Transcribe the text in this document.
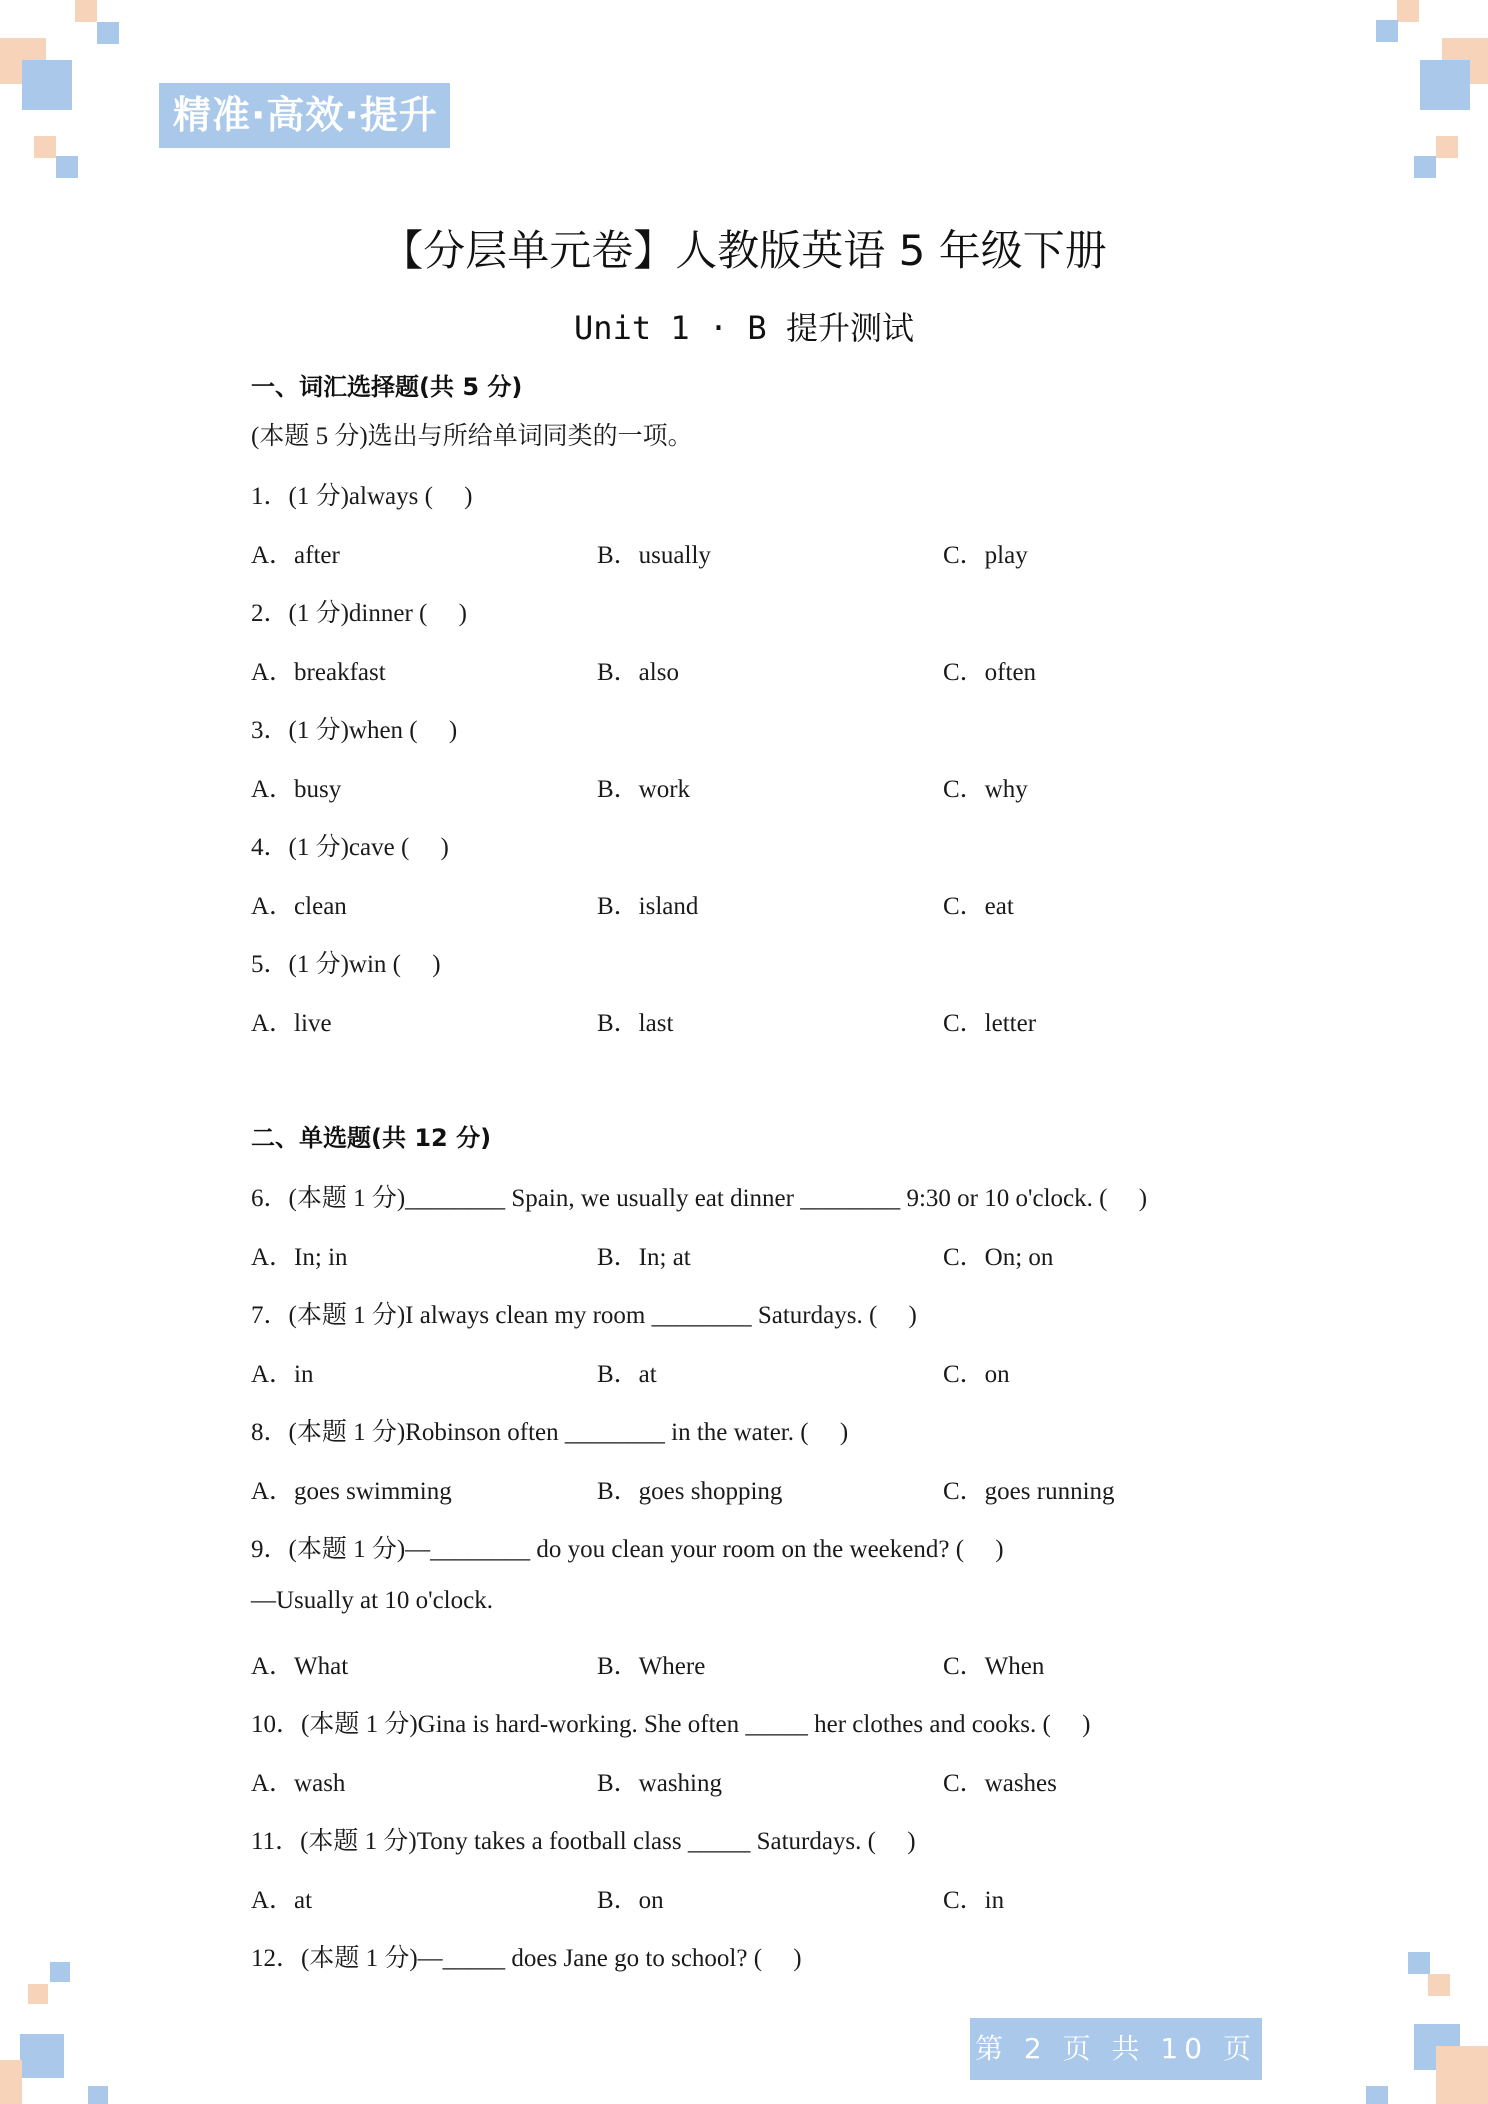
精准·高效·提升
【分层单元卷】人教版英语 5 年级下册
Unit 1 · B 提升测试
一、词汇选择题(共 5 分)
(本题 5 分)选出与所给单词同类的一项。
1．(1 分)always (　 )
A．after	B．usually	C．play
2．(1 分)dinner (　 )
A．breakfast	B．also	C．often
3．(1 分)when (　 )
A．busy	B．work	C．why
4．(1 分)cave (　 )
A．clean	B．island	C．eat
5．(1 分)win (　 )
A．live	B．last	C．letter
二、单选题(共 12 分)
6．(本题 1 分)________ Spain, we usually eat dinner ________ 9:30 or 10 o'clock. (　 )
A．In; in	B．In; at	C．On; on
7．(本题 1 分)I always clean my room ________ Saturdays. (　 )
A．in	B．at	C．on
8．(本题 1 分)Robinson often ________ in the water. (　 )
A．goes swimming	B．goes shopping	C．goes running
9．(本题 1 分)—________ do you clean your room on the weekend? (　 )
—Usually at 10 o'clock.
A．What	B．Where	C．When
10．(本题 1 分)Gina is hard-working. She often _____ her clothes and cooks. (　 )
A．wash	B．washing	C．washes
11．(本题 1 分)Tony takes a football class _____ Saturdays. (　 )
A．at	B．on	C．in
12．(本题 1 分)—_____ does Jane go to school? (　 )
第 2 页 共 10 页
